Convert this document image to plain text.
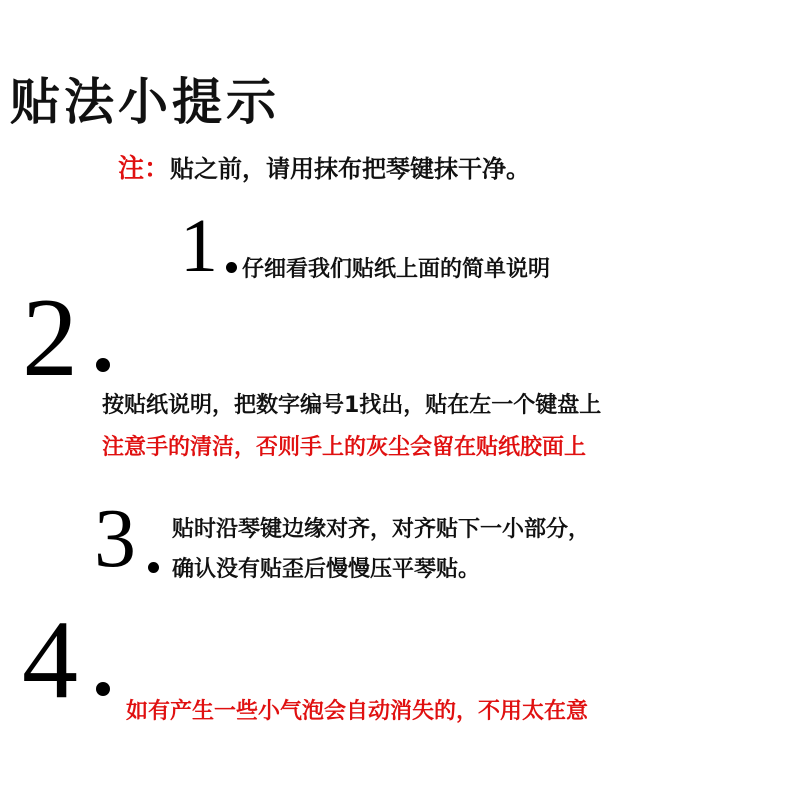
贴法小提示
注：贴之前，请用抹布把琴键抹干净。
1 仔细看我们贴纸上面的简单说明
2
按贴纸说明，把数字编号1找出，贴在左一个键盘上
注意手的清洁，否则手上的灰尘会留在贴纸胶面上
3 贴时沿琴键边缘对齐，对齐贴下一小部分，
确认没有贴歪后慢慢压平琴贴。
4 如有产生一些小气泡会自动消失的，不用太在意
